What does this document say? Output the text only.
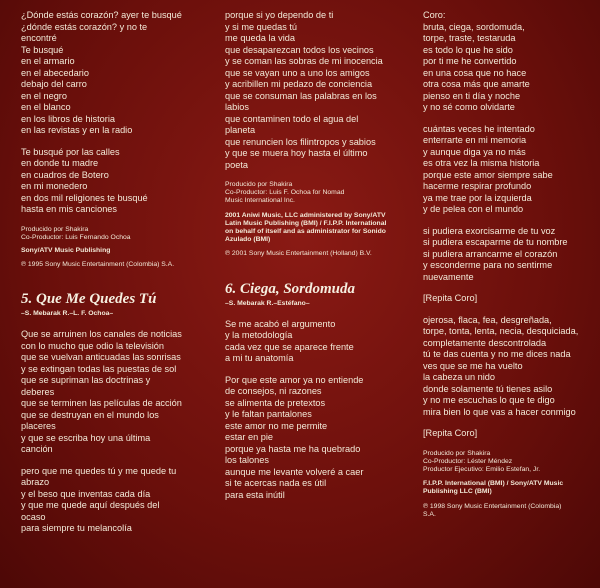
¿Dónde estás corazón? ayer te busqué
¿dónde estás corazón? y no te
encontré
Te busqué
en el armario
en el abecedario
debajo del carro
en el negro
en el blanco
en los libros de historia
en las revistas y en la radio
Te busqué por las calles
en donde tu madre
en cuadros de Botero
en mi monedero
en dos mil religiones te busqué
hasta en mis canciones
Producido por Shakira
Co-Productor: Luis Fernando Ochoa
Sony/ATV Music Publishing
℗ 1995 Sony Music Entertainment (Colombia) S.A.
5. Que Me Quedes Tú
–S. Mebarak R.–L. F. Ochoa–
Que se arruinen los canales de noticias
con lo mucho que odio la televisión
que se vuelvan anticuadas las sonrisas
y se extingan todas las puestas de sol
que se supriman las doctrinas y
deberes
que se terminen las películas de acción
que se destruyan en el mundo los
placeres
y que se escriba hoy una última
canción
pero que me quedes tú y me quede tu
abrazo
y el beso que inventas cada día
y que me quede aquí después del
ocaso
para siempre tu melancolía
porque si yo dependo de ti
y si me quedas tú
me queda la vida
que desaparezcan todos los vecinos
y se coman las sobras de mi inocencia
que se vayan uno a uno los amigos
y acribillen mi pedazo de conciencia
que se consuman las palabras en los
labios
que contaminen todo el agua del
planeta
que renuncien los filintropos y sabios
y que se muera hoy hasta el último
poeta
Producido por Shakira
Co-Productor: Luis F. Ochoa for Nomad
Music International Inc.
2001 Aniwi Music, LLC administered by Sony/ATV
Latin Music Publishing (BMI) / F.I.P.P. International
on behalf of itself and as administrator for Sonido
Azulado (BMI)
℗ 2001 Sony Music Entertainment (Holland) B.V.
6. Ciega, Sordomuda
–S. Mebarak R.–Estéfano–
Se me acabó el argumento
y la metodología
cada vez que se aparece frente
a mi tu anatomía
Por que este amor ya no entiende
de consejos, ni razones
se alimenta de pretextos
y le faltan pantalones
este amor no me permite
estar en pie
porque ya hasta me ha quebrado
los talones
aunque me levante volveré a caer
si te acercas nada es útil
para esta inútil
Coro:
bruta, ciega, sordomuda,
torpe, traste, testaruda
es todo lo que he sido
por ti me he convertido
en una cosa que no hace
otra cosa más que amarte
pienso en ti día y noche
y no sé como olvidarte
cuántas veces he intentado
enterrarte en mi memoria
y aunque diga ya no más
es otra vez la misma historia
porque este amor siempre sabe
hacerme respirar profundo
ya me trae por la izquierda
y de pelea con el mundo
si pudiera exorcisarme de tu voz
si pudiera escaparme de tu nombre
si pudiera arrancarme el corazón
y esconderme para no sentirme
nuevamente
[Repita Coro]
ojerosa, flaca, fea, desgreñada,
torpe, tonta, lenta, necia, desquiciada,
completamente descontrolada
tú te das cuenta y no me dices nada
ves que se me ha vuelto
la cabeza un nido
donde solamente tú tienes asilo
y no me escuchas lo que te digo
mira bien lo que vas a hacer conmigo
[Repita Coro]
Producido por Shakira
Co-Productor: Léster Méndez
Productor Ejecutivo: Emilio Estefan, Jr.
F.I.P.P. International (BMI) / Sony/ATV Music
Publishing LLC (BMI)
℗ 1998 Sony Music Entertainment (Colombia)
S.A.
